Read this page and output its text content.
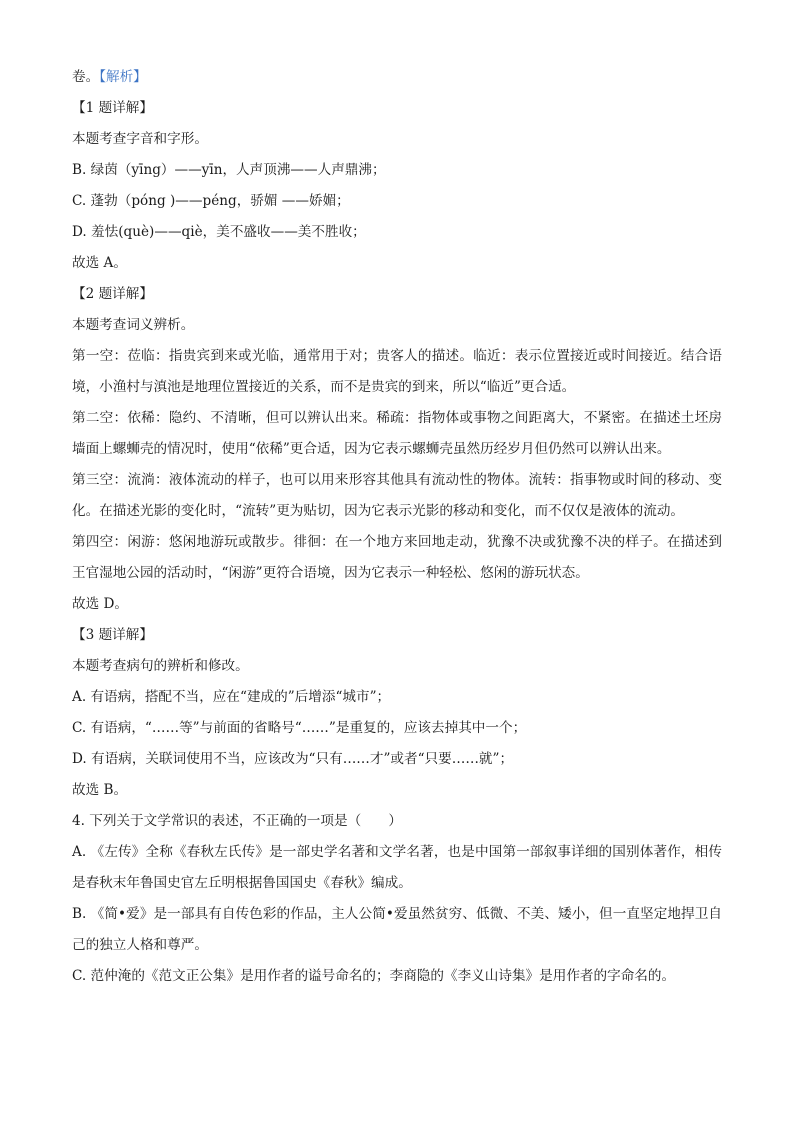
卷。【解析】
【1 题详解】
本题考查字音和字形。
B. 绿茵（yīng）——yīn，人声顶沸——人声鼎沸；
C. 蓬勃（póng )——péng，骄媚 ——娇媚；
D. 羞怯(què)——qiè，美不盛收——美不胜收；
故选 A。
【2 题详解】
本题考查词义辨析。
第一空：莅临：指贵宾到来或光临，通常用于对；贵客人的描述。临近：表示位置接近或时间接近。结合语境，小渔村与滇池是地理位置接近的关系，而不是贵宾的到来，所以“临近”更合适。
第二空：依稀：隐约、不清晰，但可以辨认出来。稀疏：指物体或事物之间距离大，不紧密。在描述土坯房墙面上螺蛳壳的情况时，使用“依稀”更合适，因为它表示螺蛳壳虽然历经岁月但仍然可以辨认出来。
第三空：流淌：液体流动的样子，也可以用来形容其他具有流动性的物体。流转：指事物或时间的移动、变化。在描述光影的变化时，“流转”更为贴切，因为它表示光影的移动和变化，而不仅仅是液体的流动。
第四空：闲游：悠闲地游玩或散步。徘徊：在一个地方来回地走动，犹豫不决或犹豫不决的样子。在描述到王官湿地公园的活动时，“闲游”更符合语境，因为它表示一种轻松、悠闲的游玩状态。
故选 D。
【3 题详解】
本题考查病句的辨析和修改。
A. 有语病，搭配不当，应在“建成的”后增添“城市”；
C. 有语病，“……等”与前面的省略号“……”是重复的，应该去掉其中一个；
D. 有语病，关联词使用不当，应该改为“只有……才”或者“只要……就”；
故选 B。
4. 下列关于文学常识的表述，不正确的一项是（　　）
A. 《左传》全称《春秋左氏传》是一部史学名著和文学名著，也是中国第一部叙事详细的国别体著作，相传是春秋末年鲁国史官左丘明根据鲁国国史《春秋》编成。
B. 《简•爱》是一部具有自传色彩的作品，主人公简•爱虽然贫穷、低微、不美、矮小，但一直坚定地捍卫自己的独立人格和尊严。
C. 范仲淹的《范文正公集》是用作者的谥号命名的；李商隐的《李义山诗集》是用作者的字命名的。
